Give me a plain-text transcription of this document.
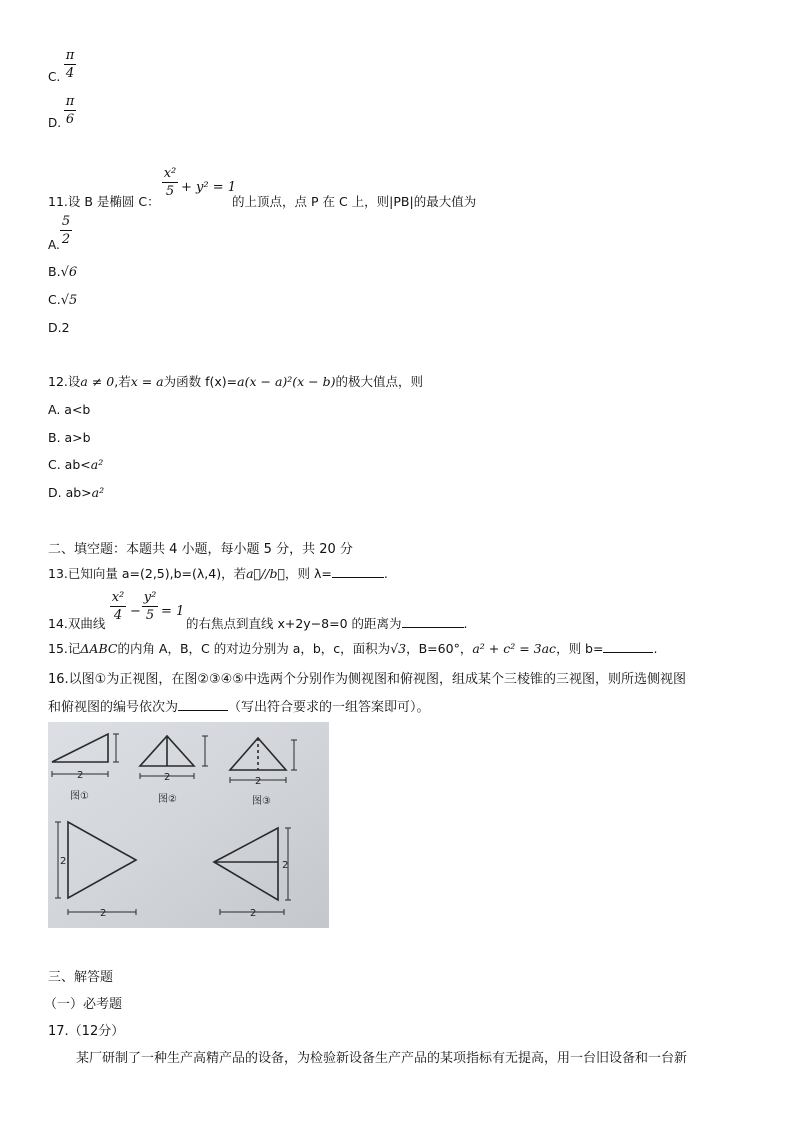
C.
π
4
D.
π
6
11.设 B 是椭圆 C：
x²
5 + y² = 1
的上顶点，点 P 在 C 上，则|PB|的最大值为
A.
5
2
B.√6
C.√5
D.2
12.设a ≠ 0,若x = a为函数 f(x)=a(x − a)²(x − b)的极大值点，则
A. a<b
B. a>b
C. ab<a²
D. ab>a²
二、填空题：本题共 4 小题，每小题 5 分，共 20 分
13.已知向量 a=(2,5),b=(λ,4)，若a⃗//b⃗，则 λ=	.
14.双曲线
x²
4 −
y²
5 = 1
的右焦点到直线 x+2y−8=0 的距离为	.
15.记ΔABC的内角 A，B，C 的对边分别为 a，b，c，面积为√3，B=60°，a² + c² = 3ac，则 b=	.
16.以图①为正视图，在图②③④⑤中选两个分别作为侧视图和俯视图，组成某个三棱锥的三视图，则所选侧视图
和俯视图的编号依次为	（写出符合要求的一组答案即可）。
2	2	2
2
2
2
2
图①	图②	图③
三、解答题
（一）必考题
17.（12分）
某厂研制了一种生产高精产品的设备，为检验新设备生产产品的某项指标有无提高，用一台旧设备和一台新
